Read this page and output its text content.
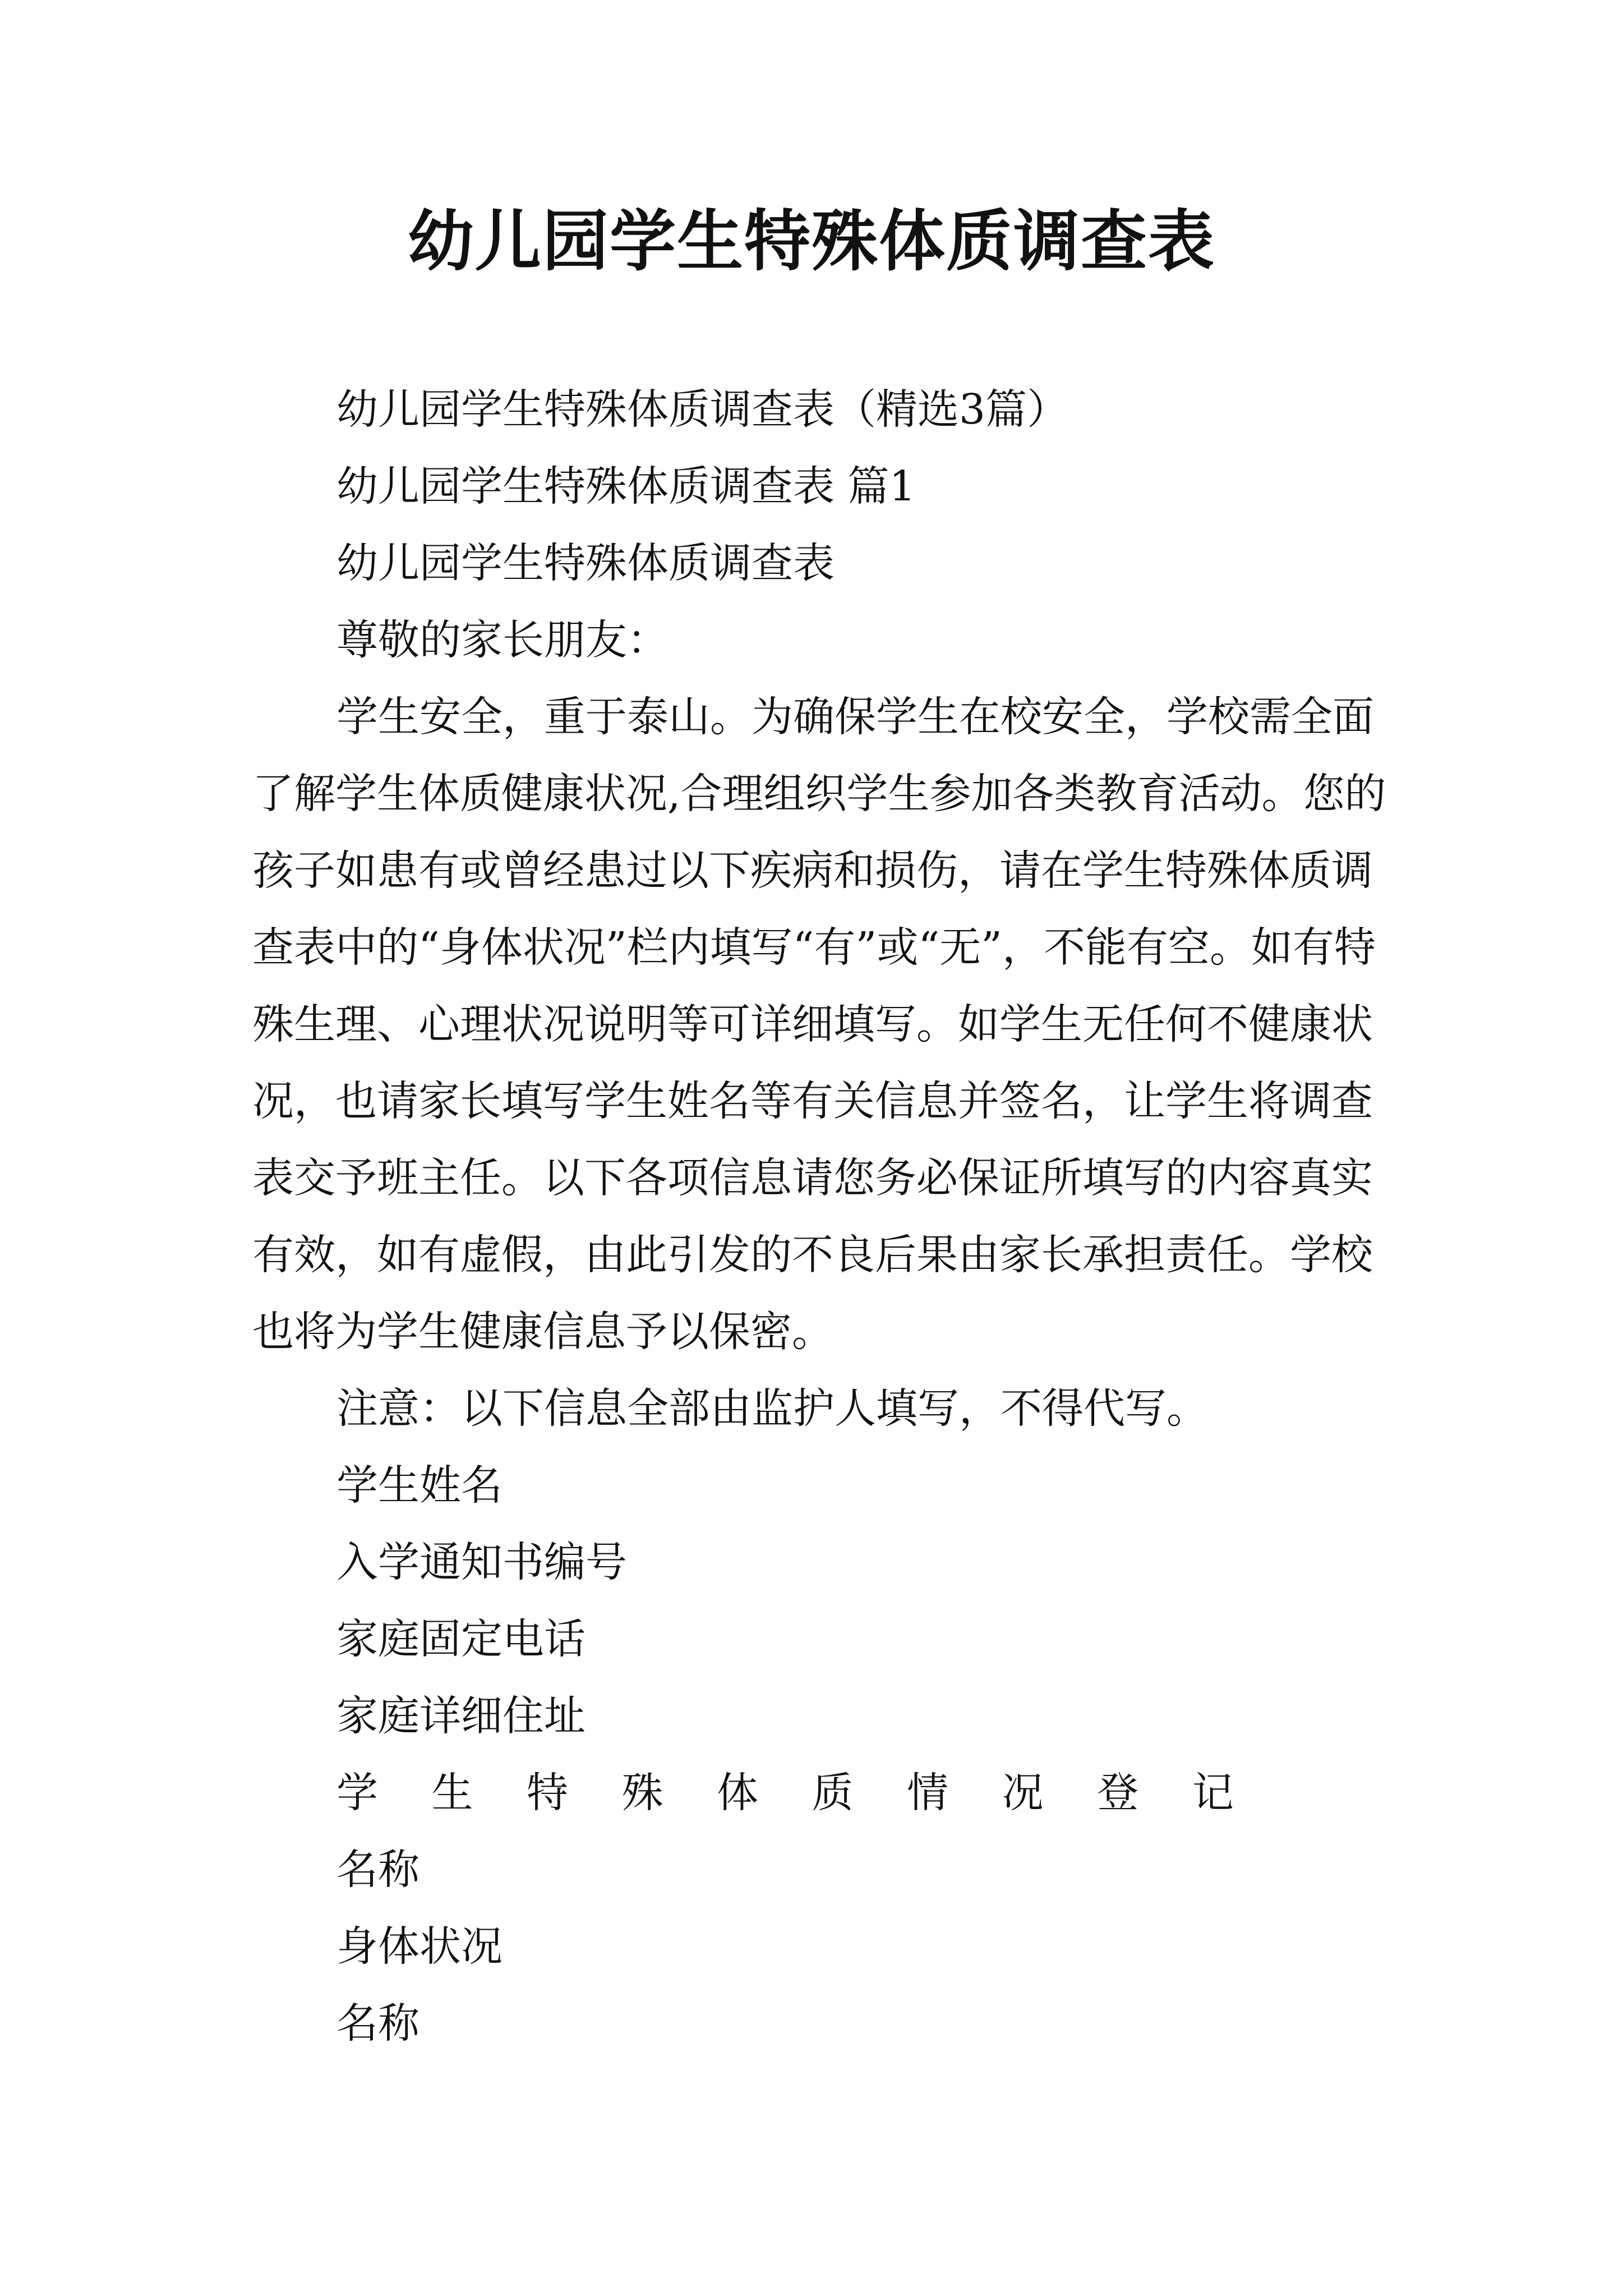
幼儿园学生特殊体质调查表

幼儿园学生特殊体质调查表（精选3篇）

幼儿园学生特殊体质调查表 篇1

幼儿园学生特殊体质调查表

尊敬的家长朋友：

学生安全，重于泰山。为确保学生在校安全，学校需全面了解学生体质健康状况,合理组织学生参加各类教育活动。您的孩子如患有或曾经患过以下疾病和损伤，请在学生特殊体质调查表中的“身体状况”栏内填写“有”或“无”，不能有空。如有特殊生理、心理状况说明等可详细填写。如学生无任何不健康状况，也请家长填写学生姓名等有关信息并签名，让学生将调查表交予班主任。以下各项信息请您务必保证所填写的内容真实有效，如有虚假，由此引发的不良后果由家长承担责任。学校也将为学生健康信息予以保密。

注意：以下信息全部由监护人填写，不得代写。

学生姓名

入学通知书编号

家庭固定电话

家庭详细住址

学 生 特 殊 体 质 情 况 登 记

名称

身体状况

名称
